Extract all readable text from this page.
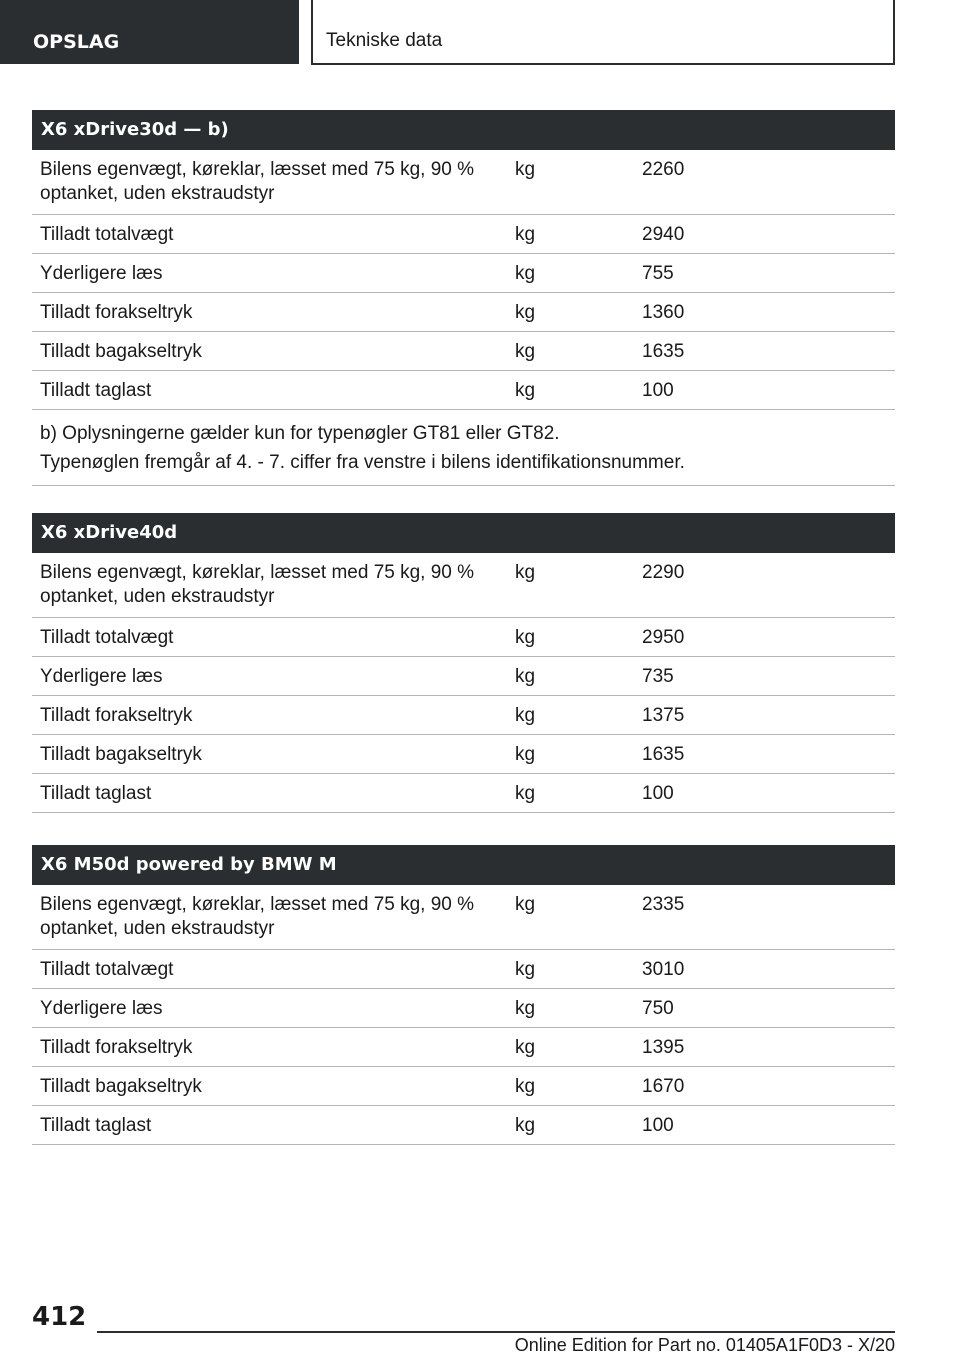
OPSLAG	Tekniske data
X6 xDrive30d — b)		
Bilens egenvægt, køreklar, læsset med 75 kg, 90 % optanket, uden ekstraudstyr	kg	2260
Tilladt totalvægt	kg	2940
Yderligere læs	kg	755
Tilladt forakseltryk	kg	1360
Tilladt bagakseltryk	kg	1635
Tilladt taglast	kg	100

b) Oplysningerne gælder kun for typenøgler GT81 eller GT82.
Typenøglen fremgår af 4. - 7. ciffer fra venstre i bilens identifikationsnummer.		
X6 xDrive40d		
Bilens egenvægt, køreklar, læsset med 75 kg, 90 % optanket, uden ekstraudstyr	kg	2290
Tilladt totalvægt	kg	2950
Yderligere læs	kg	735
Tilladt forakseltryk	kg	1375
Tilladt bagakseltryk	kg	1635
Tilladt taglast	kg	100
X6 M50d powered by BMW M		
Bilens egenvægt, køreklar, læsset med 75 kg, 90 % optanket, uden ekstraudstyr	kg	2335
Tilladt totalvægt	kg	3010
Yderligere læs	kg	750
Tilladt forakseltryk	kg	1395
Tilladt bagakseltryk	kg	1670
Tilladt taglast	kg	100
412
Online Edition for Part no. 01405A1F0D3 - X/20
